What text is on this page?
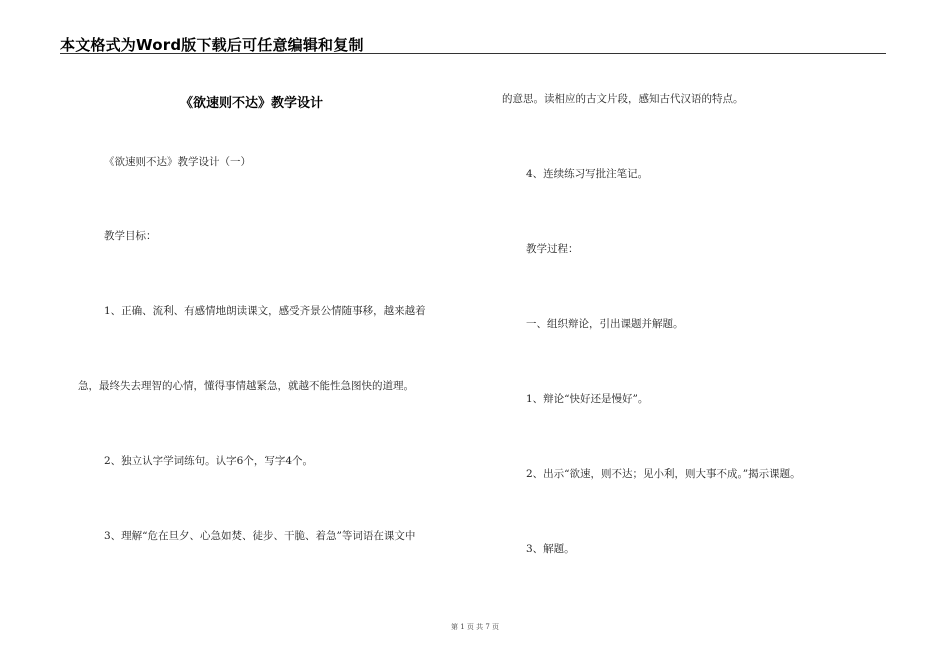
本文格式为Word版下载后可任意编辑和复制
《欲速则不达》教学设计
《欲速则不达》教学设计（一）
教学目标：
1、正确、流利、有感情地朗读课文，感受齐景公情随事移，越来越着
急，最终失去理智的心情，懂得事情越紧急，就越不能性急图快的道理。
2、独立认字学词练句。认字6个，写字4个。
3、理解“危在旦夕、心急如焚、徒步、干脆、着急”等词语在课文中
的意思。读相应的古文片段，感知古代汉语的特点。
4、连续练习写批注笔记。
教学过程：
一、组织辩论，引出课题并解题。
1、辩论“快好还是慢好”。
2、出示“欲速，则不达；见小利，则大事不成。”揭示课题。
3、解题。
第 1 页 共 7 页
